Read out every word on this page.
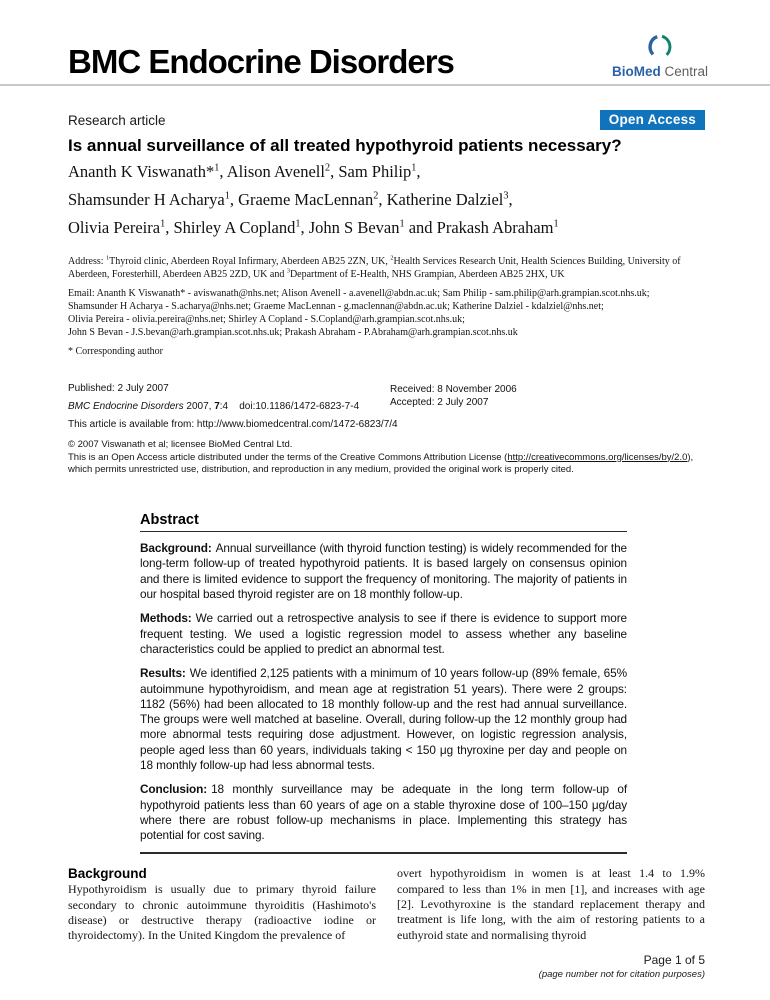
BMC Endocrine Disorders	BioMed Central
Research article	Open Access
Is annual surveillance of all treated hypothyroid patients necessary?
Ananth K Viswanath*$^1$, Alison Avenell$^2$, Sam Philip$^1$,
Shamsunder H Acharya$^1$, Graeme MacLennan$^2$, Katherine Dalziel$^3$,
Olivia Pereira$^1$, Shirley A Copland$^1$, John S Bevan$^1$ and Prakash Abraham$^1$

Address: $^1$Thyroid clinic, Aberdeen Royal Infirmary, Aberdeen AB25 2ZN, UK, $^2$Health Services Research Unit, Health Sciences Building, University of Aberdeen, Foresterhill, Aberdeen AB25 2ZD, UK and $^3$Department of E-Health, NHS Grampian, Aberdeen AB25 2HX, UK

Email: Ananth K Viswanath* - aviswanath@nhs.net; Alison Avenell - a.avenell@abdn.ac.uk; Sam Philip - sam.philip@arh.grampian.scot.nhs.uk;
Shamsunder H Acharya - S.acharya@nhs.net; Graeme MacLennan - g.maclennan@abdn.ac.uk; Katherine Dalziel - kdalziel@nhs.net;
Olivia Pereira - olivia.pereira@nhs.net; Shirley A Copland - S.Copland@arh.grampian.scot.nhs.uk;
John S Bevan - J.S.bevan@arh.grampian.scot.nhs.uk; Prakash Abraham - P.Abraham@arh.grampian.scot.nhs.uk

* Corresponding author

Published: 2 July 2007
BMC Endocrine Disorders 2007, 7:4    doi:10.1186/1472-6823-7-4
Received: 8 November 2006
Accepted: 2 July 2007

This article is available from: http://www.biomedcentral.com/1472-6823/7/4

© 2007 Viswanath et al; licensee BioMed Central Ltd.
This is an Open Access article distributed under the terms of the Creative Commons Attribution License (http://creativecommons.org/licenses/by/2.0),
which permits unrestricted use, distribution, and reproduction in any medium, provided the original work is properly cited.
Abstract

Background: Annual surveillance (with thyroid function testing) is widely recommended for the long-term follow-up of treated hypothyroid patients. It is based largely on consensus opinion and there is limited evidence to support the frequency of monitoring. The majority of patients in our hospital based thyroid register are on 18 monthly follow-up.

Methods: We carried out a retrospective analysis to see if there is evidence to support more frequent testing. We used a logistic regression model to assess whether any baseline characteristics could be applied to predict an abnormal test.

Results: We identified 2,125 patients with a minimum of 10 years follow-up (89% female, 65% autoimmune hypothyroidism, and mean age at registration 51 years). There were 2 groups: 1182 (56%) had been allocated to 18 monthly follow-up and the rest had annual surveillance. The groups were well matched at baseline. Overall, during follow-up the 12 monthly group had more abnormal tests requiring dose adjustment. However, on logistic regression analysis, people aged less than 60 years, individuals taking < 150 μg thyroxine per day and people on 18 monthly follow-up had less abnormal tests.

Conclusion: 18 monthly surveillance may be adequate in the long term follow-up of hypothyroid patients less than 60 years of age on a stable thyroxine dose of 100–150 μg/day where there are robust follow-up mechanisms in place. Implementing this strategy has potential for cost saving.

Background

Hypothyroidism is usually due to primary thyroid failure secondary to chronic autoimmune thyroiditis (Hashimoto's disease) or destructive therapy (radioactive iodine or thyroidectomy). In the United Kingdom the prevalence of

overt hypothyroidism in women is at least 1.4 to 1.9% compared to less than 1% in men [1], and increases with age [2]. Levothyroxine is the standard replacement therapy and treatment is life long, with the aim of restoring patients to a euthyroid state and normalising thyroid

Page 1 of 5
(page number not for citation purposes)
